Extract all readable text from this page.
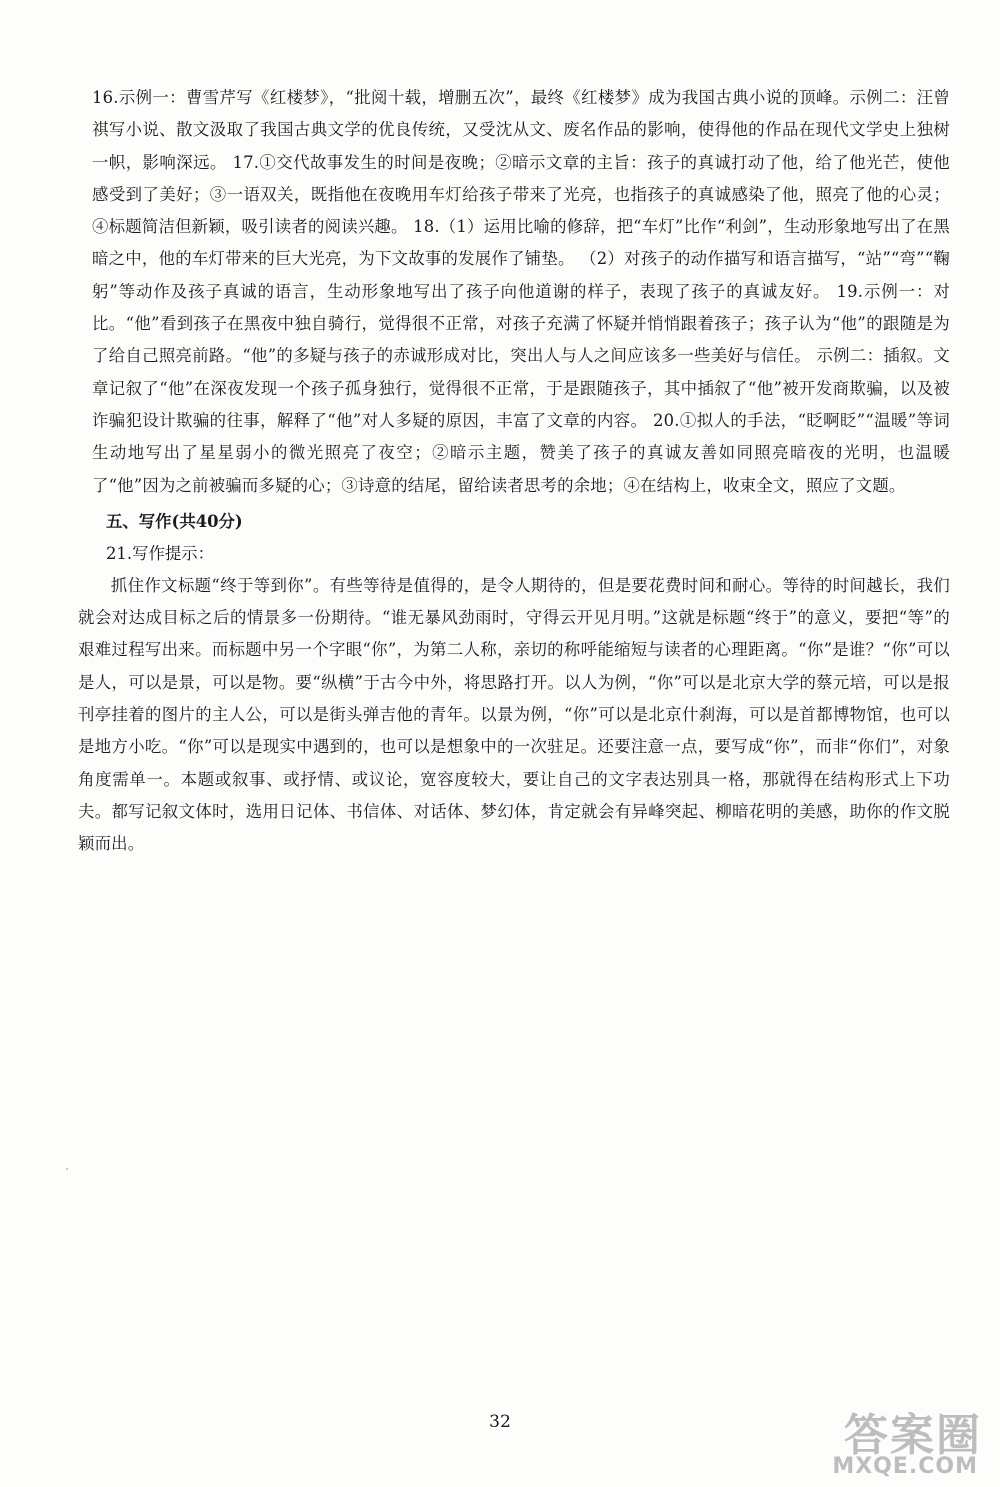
16.示例一：曹雪芹写《红楼梦》，“批阅十载，增删五次”，最终《红楼梦》成为我国古典小说的顶峰。示例二：汪曾祺写小说、散文汲取了我国古典文学的优良传统，又受沈从文、废名作品的影响，使得他的作品在现代文学史上独树一帜，影响深远。 17.①交代故事发生的时间是夜晚；②暗示文章的主旨：孩子的真诚打动了他，给了他光芒，使他感受到了美好；③一语双关，既指他在夜晚用车灯给孩子带来了光亮，也指孩子的真诚感染了他，照亮了他的心灵；④标题简洁但新颖，吸引读者的阅读兴趣。 18.（1）运用比喻的修辞，把“车灯”比作“利剑”，生动形象地写出了在黑暗之中，他的车灯带来的巨大光亮，为下文故事的发展作了铺垫。 （2）对孩子的动作描写和语言描写，“站”“弯”“鞠躬”等动作及孩子真诚的语言，生动形象地写出了孩子向他道谢的样子，表现了孩子的真诚友好。 19.示例一：对比。“他”看到孩子在黑夜中独自骑行，觉得很不正常，对孩子充满了怀疑并悄悄跟着孩子；孩子认为“他”的跟随是为了给自己照亮前路。“他”的多疑与孩子的赤诚形成对比，突出人与人之间应该多一些美好与信任。 示例二：插叙。文章记叙了“他”在深夜发现一个孩子孤身独行，觉得很不正常，于是跟随孩子，其中插叙了“他”被开发商欺骗，以及被诈骗犯设计欺骗的往事，解释了“他”对人多疑的原因，丰富了文章的内容。 20.①拟人的手法，“眨啊眨”“温暖”等词生动地写出了星星弱小的微光照亮了夜空；②暗示主题，赞美了孩子的真诚友善如同照亮暗夜的光明，也温暖了“他”因为之前被骗而多疑的心；③诗意的结尾，留给读者思考的余地；④在结构上，收束全文，照应了文题。

五、写作(共40分)

21.写作提示：

抓住作文标题“终于等到你”。有些等待是值得的，是令人期待的，但是要花费时间和耐心。等待的时间越长，我们就会对达成目标之后的情景多一份期待。“谁无暴风劲雨时，守得云开见月明。”这就是标题“终于”的意义，要把“等”的艰难过程写出来。而标题中另一个字眼“你”，为第二人称，亲切的称呼能缩短与读者的心理距离。“你”是谁？“你”可以是人，可以是景，可以是物。要“纵横”于古今中外，将思路打开。以人为例，“你”可以是北京大学的蔡元培，可以是报刊亭挂着的图片的主人公，可以是街头弹吉他的青年。以景为例，“你”可以是北京什刹海，可以是首都博物馆，也可以是地方小吃。“你”可以是现实中遇到的，也可以是想象中的一次驻足。还要注意一点，要写成“你”，而非“你们”，对象角度需单一。本题或叙事、或抒情、或议论，宽容度较大，要让自己的文字表达别具一格，那就得在结构形式上下功夫。都写记叙文体时，选用日记体、书信体、对话体、梦幻体，肯定就会有异峰突起、柳暗花明的美感，助你的作文脱颖而出。

32	答案圈
MXQE.COM
